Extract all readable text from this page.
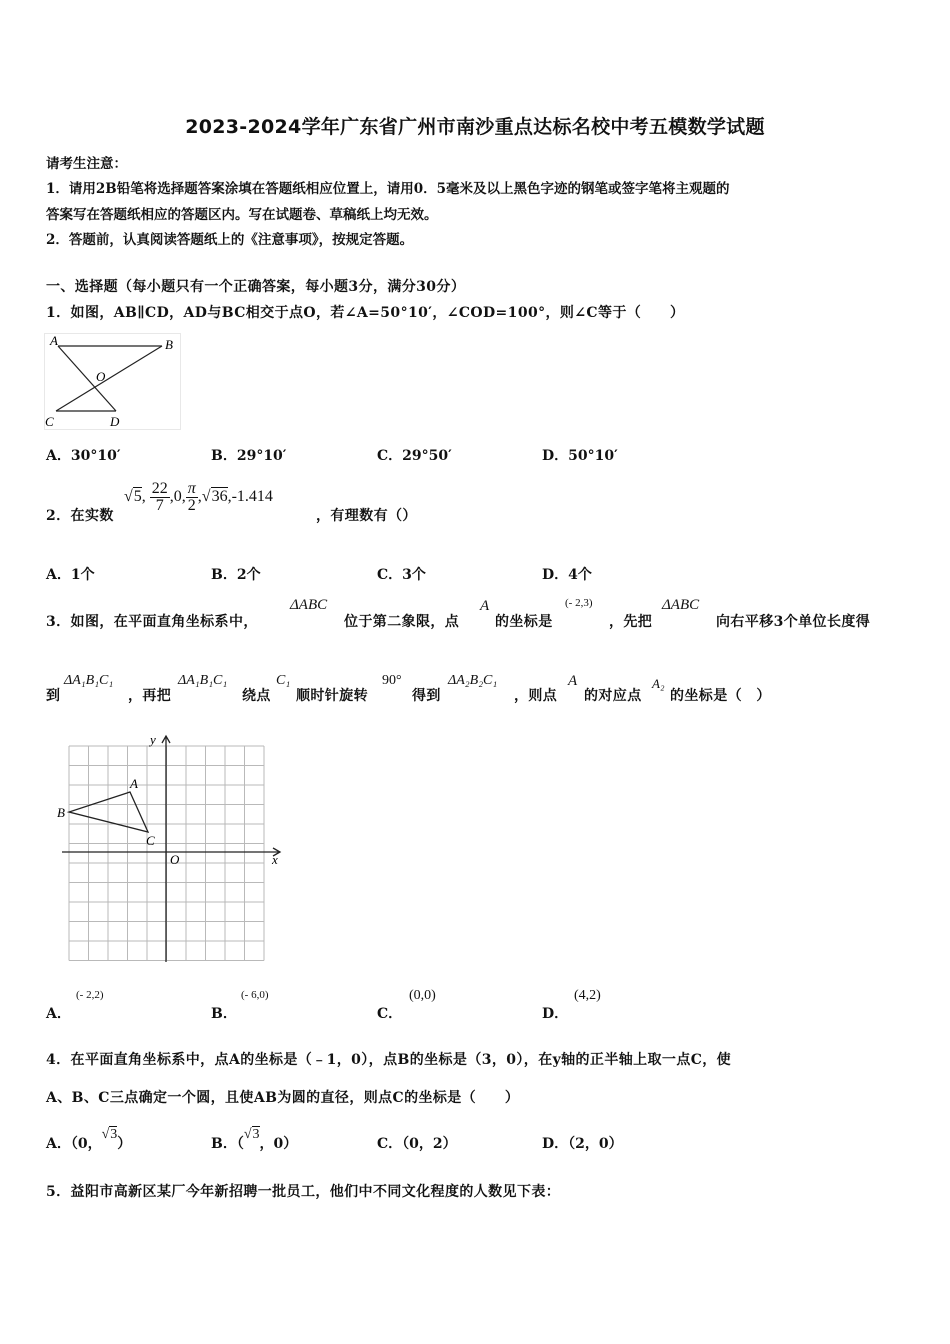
2023-2024学年广东省广州市南沙重点达标名校中考五模数学试题
请考生注意：
1．请用2B铅笔将选择题答案涂填在答题纸相应位置上，请用0．5毫米及以上黑色字迹的钢笔或签字笔将主观题的
答案写在答题纸相应的答题区内。写在试题卷、草稿纸上均无效。
2．答题前，认真阅读答题纸上的《注意事项》，按规定答题。
一、选择题（每小题只有一个正确答案，每小题3分，满分30分）
1．如图，AB∥CD，AD与BC相交于点O，若∠A=50°10′，∠COD=100°，则∠C等于（　　）
A	B
O
C	D
A．30°10′	B．29°10′	C．29°50′	D．50°10′
2．在实数
√5, $\frac{22}{7} ,0$, $\frac{\pi}{2} ,√36,-1.414$
，有理数有（）
A．1个	B．2个	C．3个	D．4个
3．如图，在平面直角坐标系中，
ΔABC
位于第二象限，点
A
的坐标是
(- 2,3)
，先把
ΔABC
向右平移3个单位长度得
到
ΔA₁B₁C₁
，再把
ΔA₁B₁C₁
绕点
C₁
顺时针旋转
90°
得到
ΔA₂B₂C₁
，则点
A
的对应点
A₂
的坐标是（　）
y
x
O
A
B
C
A．
(- 2,2)
B．
(- 6,0)
C．
(0,0)
D．
(4,2)
4．在平面直角坐标系中，点A的坐标是（﹣1，0），点B的坐标是（3，0），在y轴的正半轴上取一点C，使
A、B、C三点确定一个圆，且使AB为圆的直径，则点C的坐标是（　　）
A．（0，√3）	B．（√3，0）	C．（0，2）	D．（2，0）
5．益阳市高新区某厂今年新招聘一批员工，他们中不同文化程度的人数见下表：
